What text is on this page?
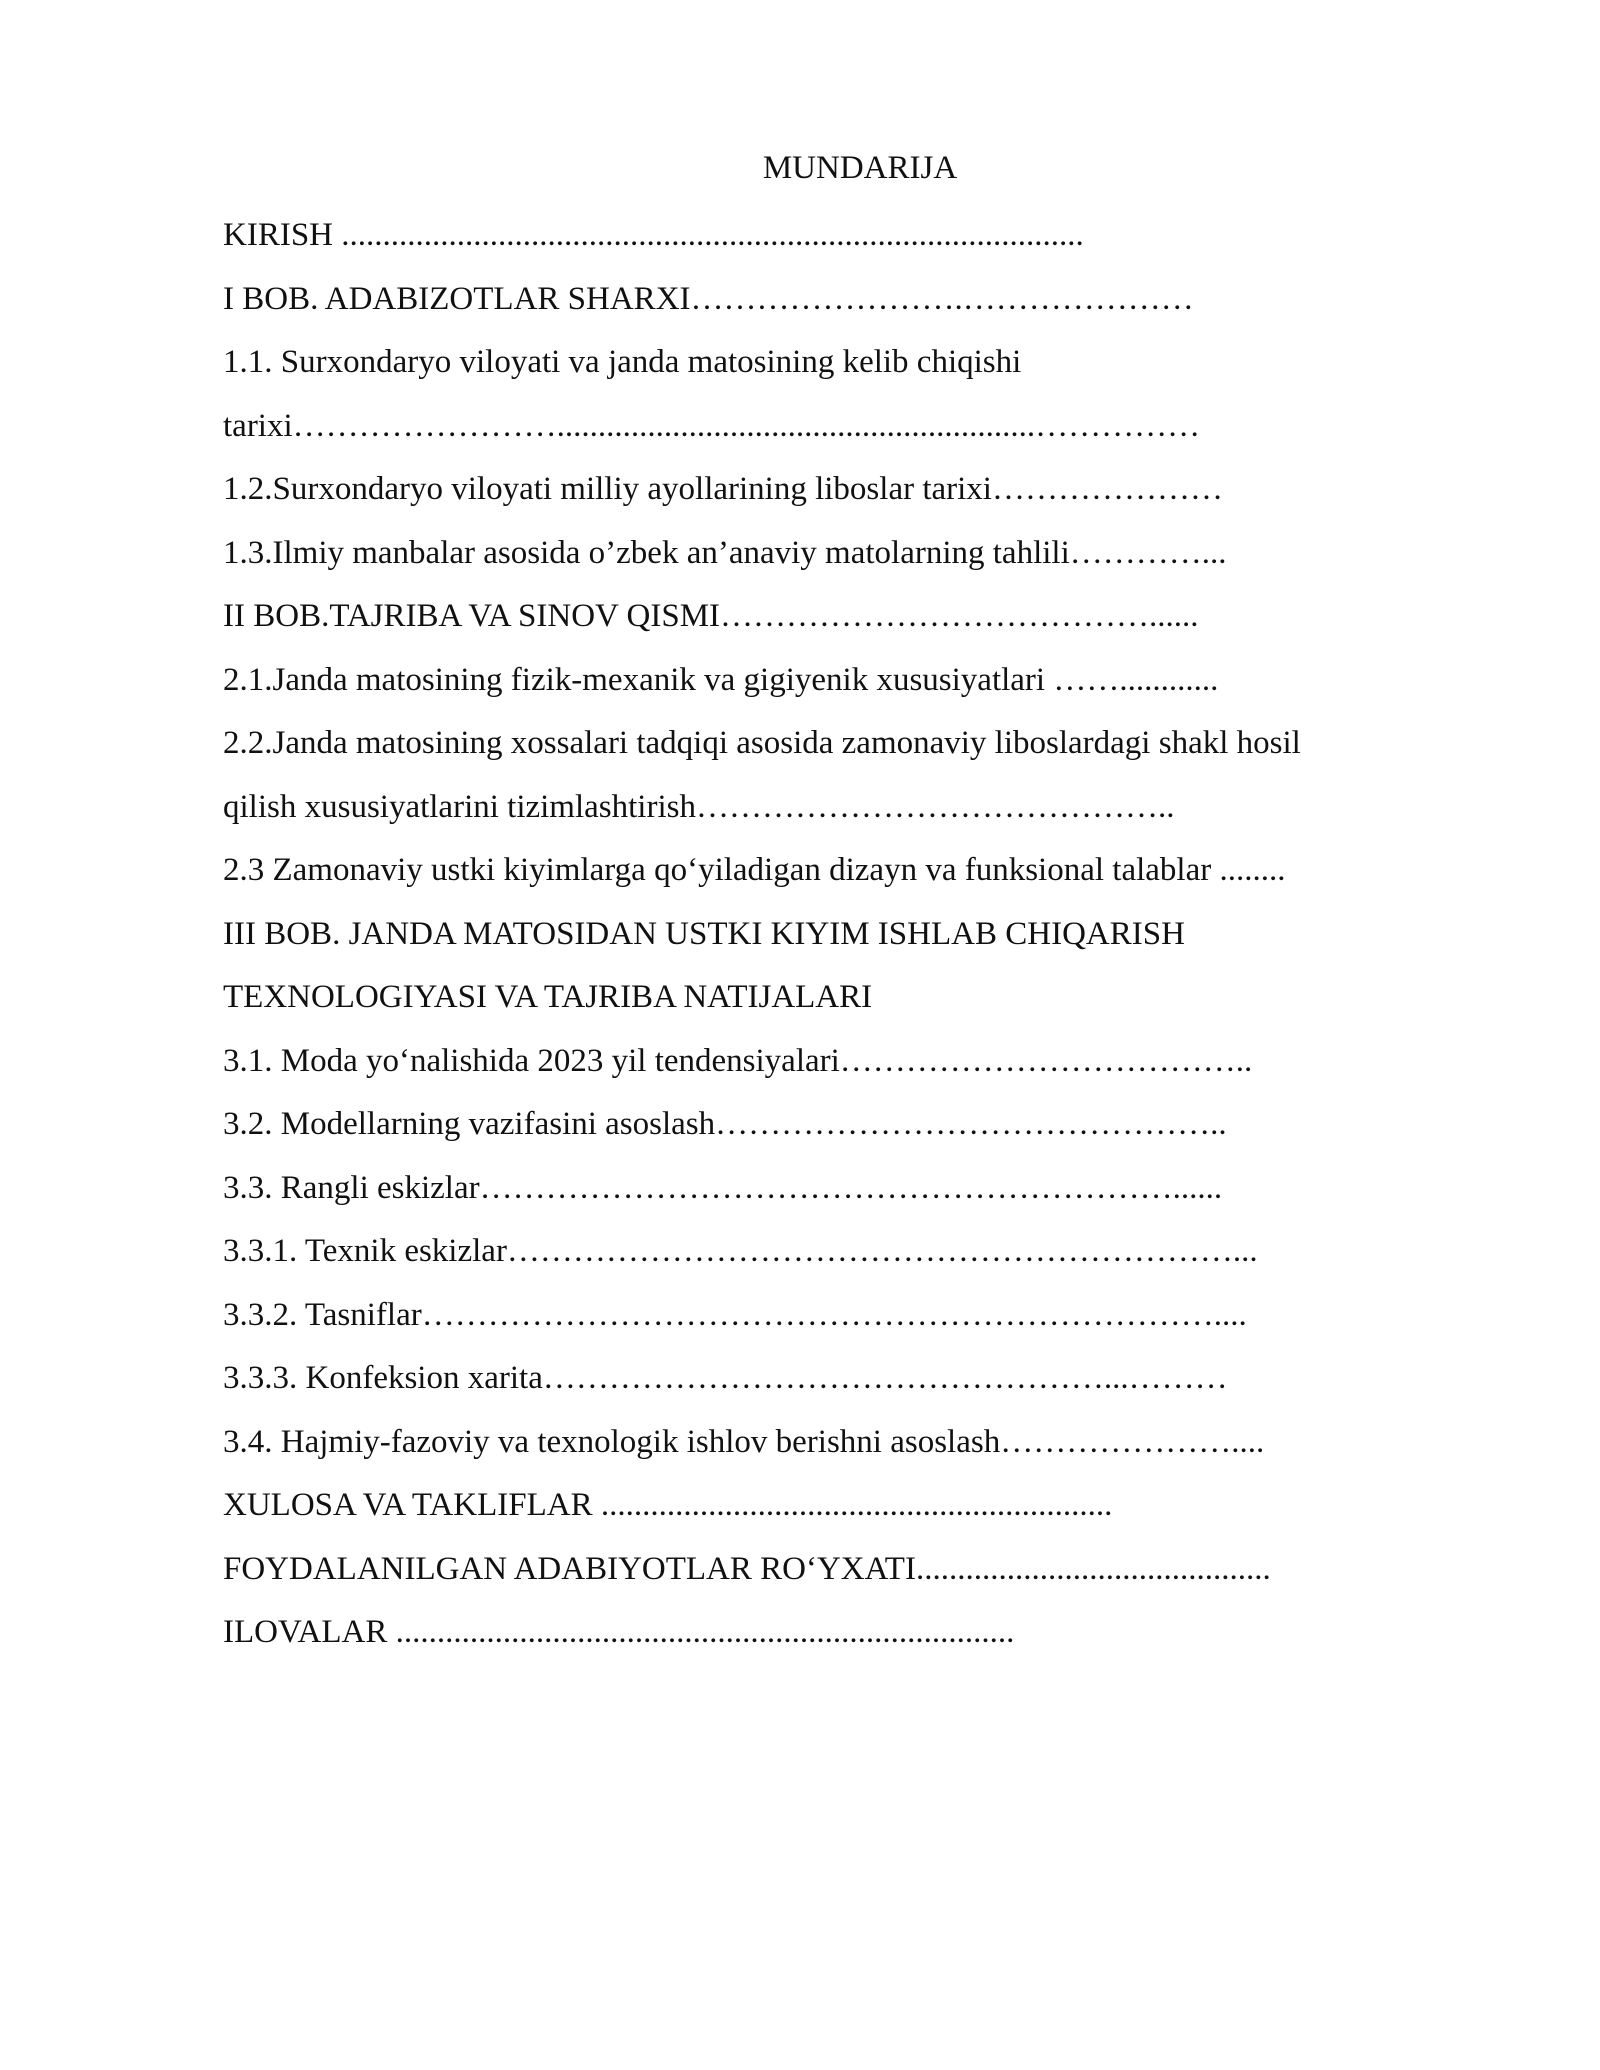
MUNDARIJA
KIRISH ..........................................................................................
I BOB. ADABIZOTLAR SHARXI…………………….…………………
1.1. Surxondaryo viloyati va janda matosining kelib chiqishi
tarixi……………………..........................................................……………
1.2.Surxondaryo viloyati milliy ayollarining liboslar tarixi…………………
1.3.Ilmiy manbalar asosida o’zbek an’anaviy matolarning tahlili…………...
II BOB.TAJRIBA VA SINOV QISMI…………………………………......
2.1.Janda matosining fizik-mexanik va gigiyenik xususiyatlari ……............
2.2.Janda matosining xossalari tadqiqi asosida zamonaviy liboslardagi shakl hosil
qilish xususiyatlarini tizimlashtirish……………………………………..
2.3 Zamonaviy ustki kiyimlarga qo‘yiladigan dizayn va funksional talablar ........
III BOB. JANDA MATOSIDAN USTKI KIYIM ISHLAB CHIQARISH
TEXNOLOGIYASI VA TAJRIBA NATIJALARI
3.1. Moda yo‘nalishida 2023 yil tendensiyalari………………………………..
3.2. Modellarning vazifasini asoslash………………………………………..
3.3. Rangli eskizlar………………………………………………………......
3.3.1. Texnik eskizlar…………………………………………………………...
3.3.2. Tasniflar………………………………………………………………....
3.3.3. Konfeksion xarita……………………………………………...………
3.4. Hajmiy-fazoviy va texnologik ishlov berishni asoslash…………………....
XULOSA VA TAKLIFLAR ..............................................................
FOYDALANILGAN ADABIYOTLAR RO‘YXATI...........................................
ILOVALAR ...........................................................................
